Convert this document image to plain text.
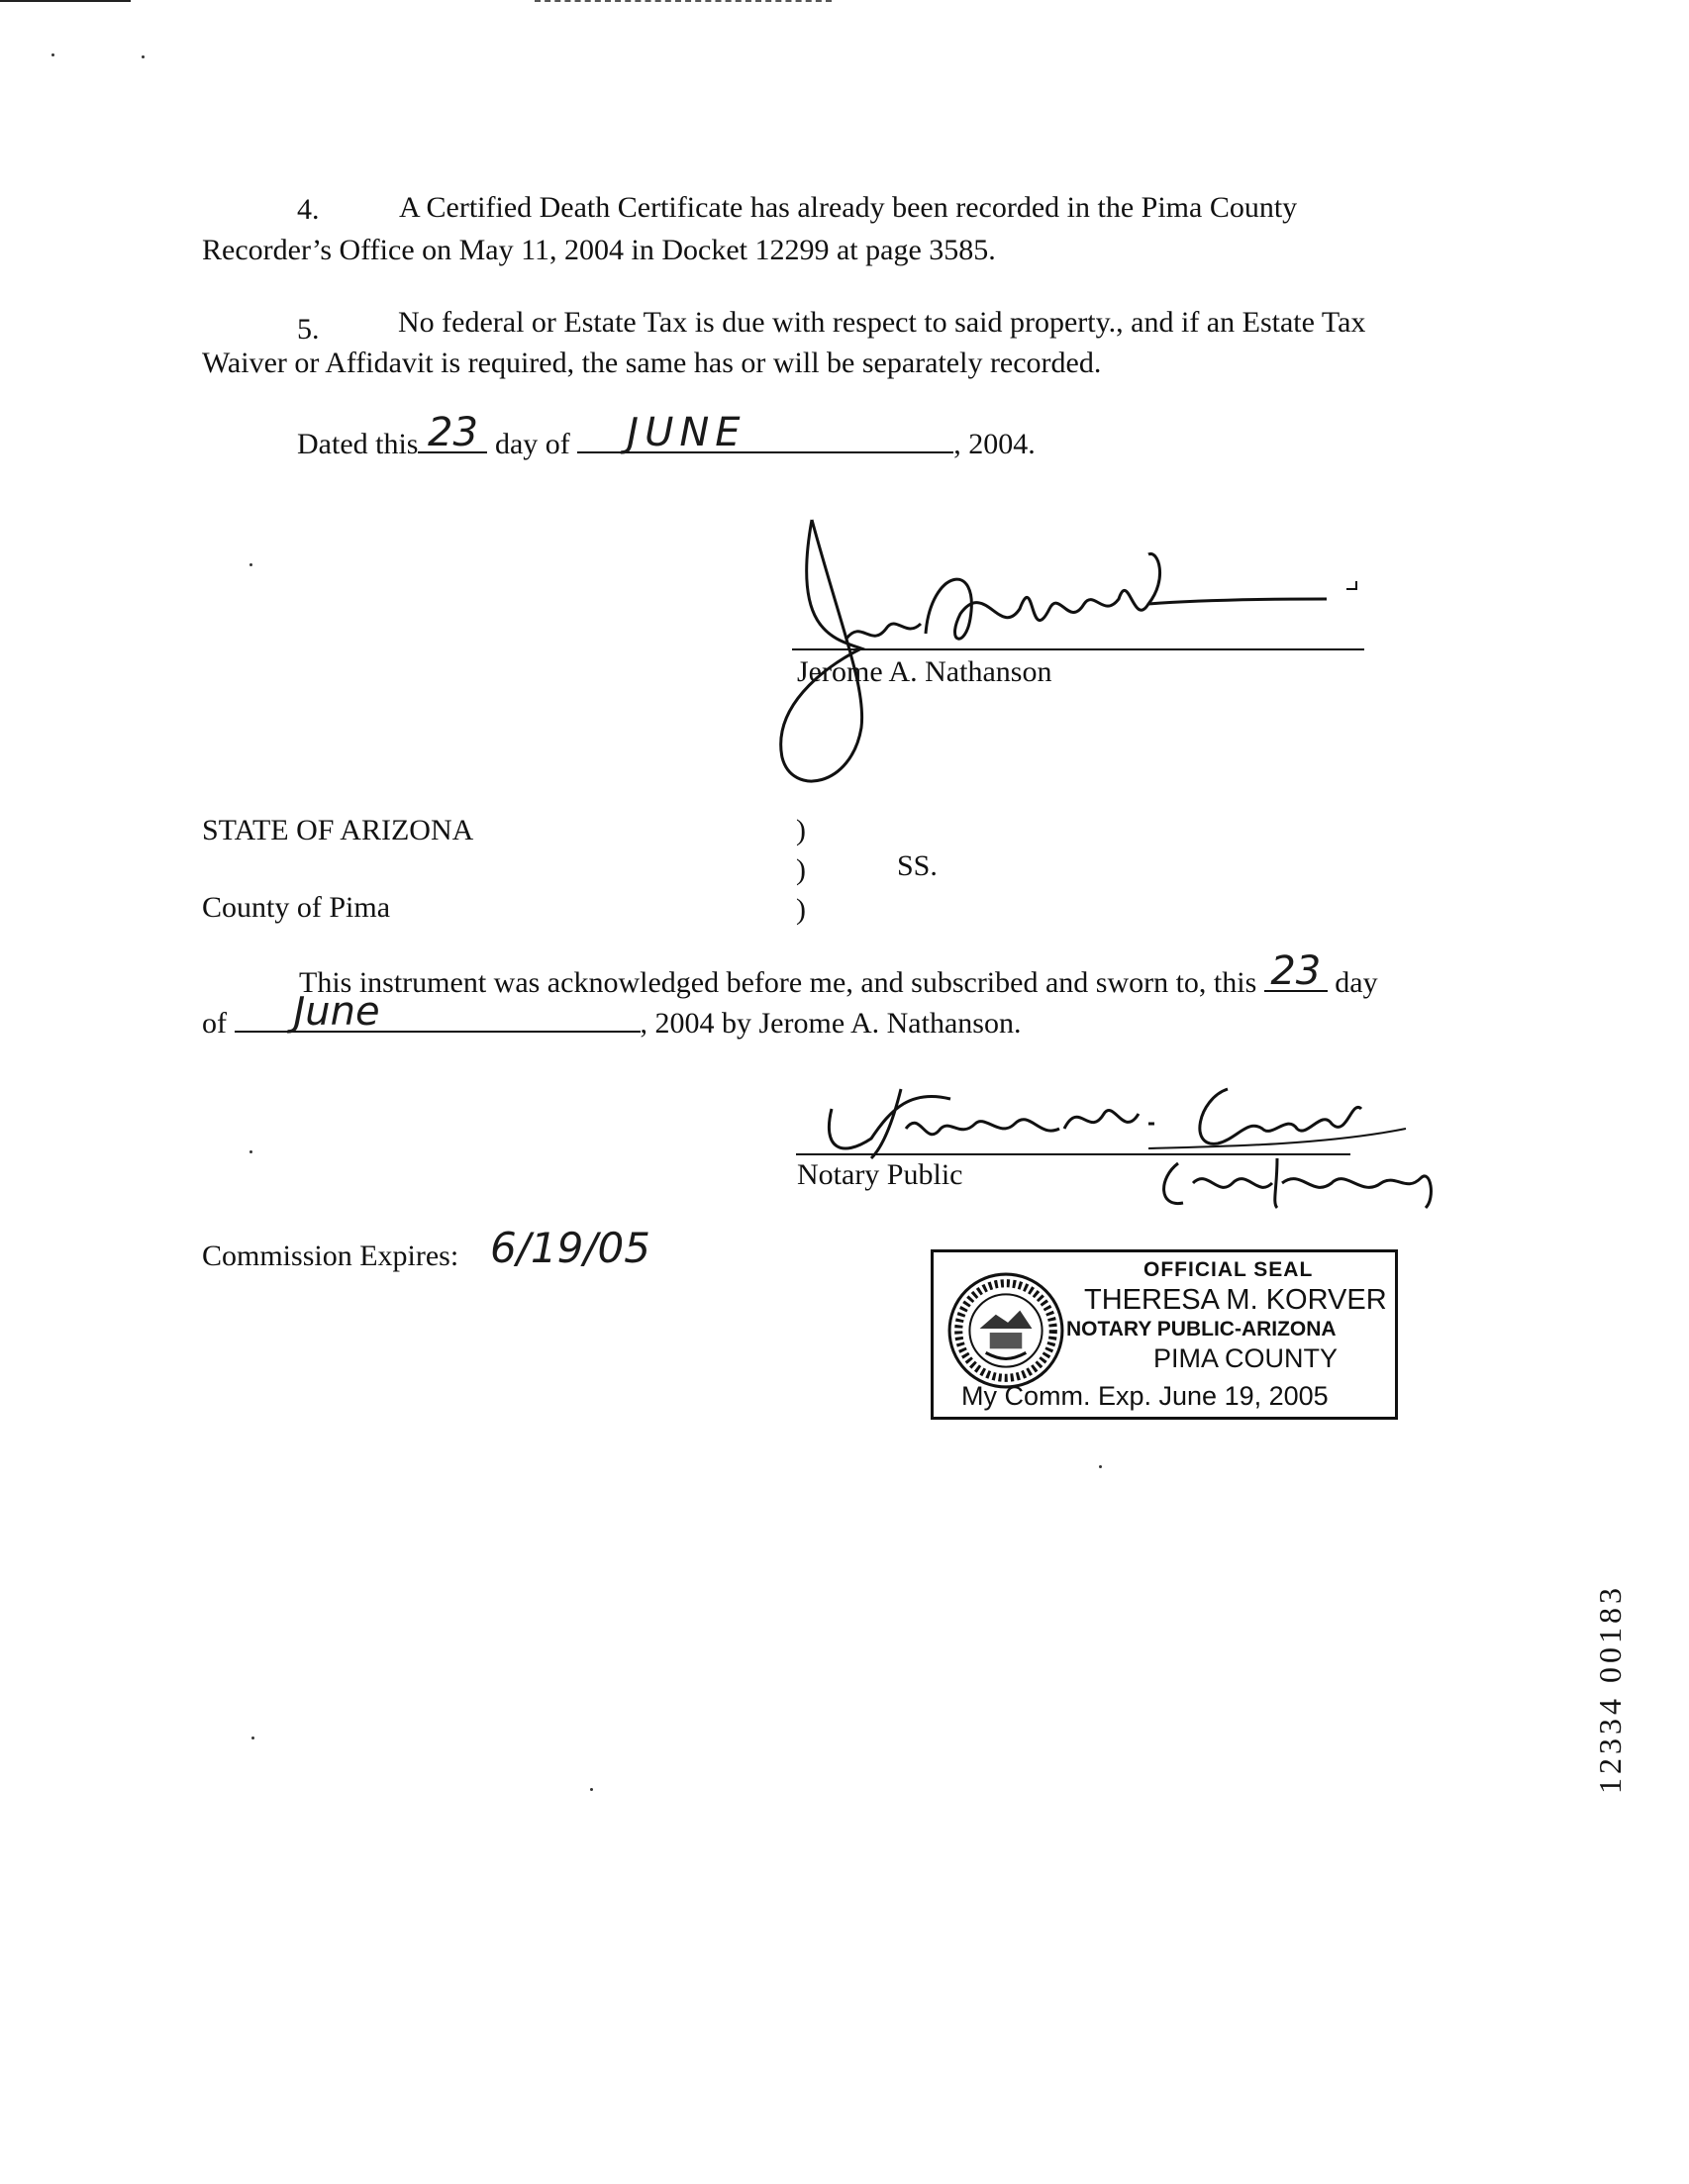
4.	A Certified Death Certificate has already been recorded in the Pima County
Recorder’s Office on May 11, 2004 in Docket 12299 at page 3585.
5.	No federal or Estate Tax is due with respect to said property., and if an Estate Tax
Waiver or Affidavit is required, the same has or will be separately recorded.
Dated this 23 day of	JUNE	, 2004.
Jerome A. Nathanson
STATE OF ARIZONA	)
)	SS.
County of Pima	)
This instrument was acknowledged before me, and subscribed and sworn to, this 23 day
of	June	, 2004 by Jerome A. Nathanson.
Notary Public
Commission Expires: 6/19/05	OFFICIAL SEAL
THERESA M. KORVER
NOTARY PUBLIC-ARIZONA
PIMA COUNTY
My Comm. Exp. June 19, 2005
12334 00183
